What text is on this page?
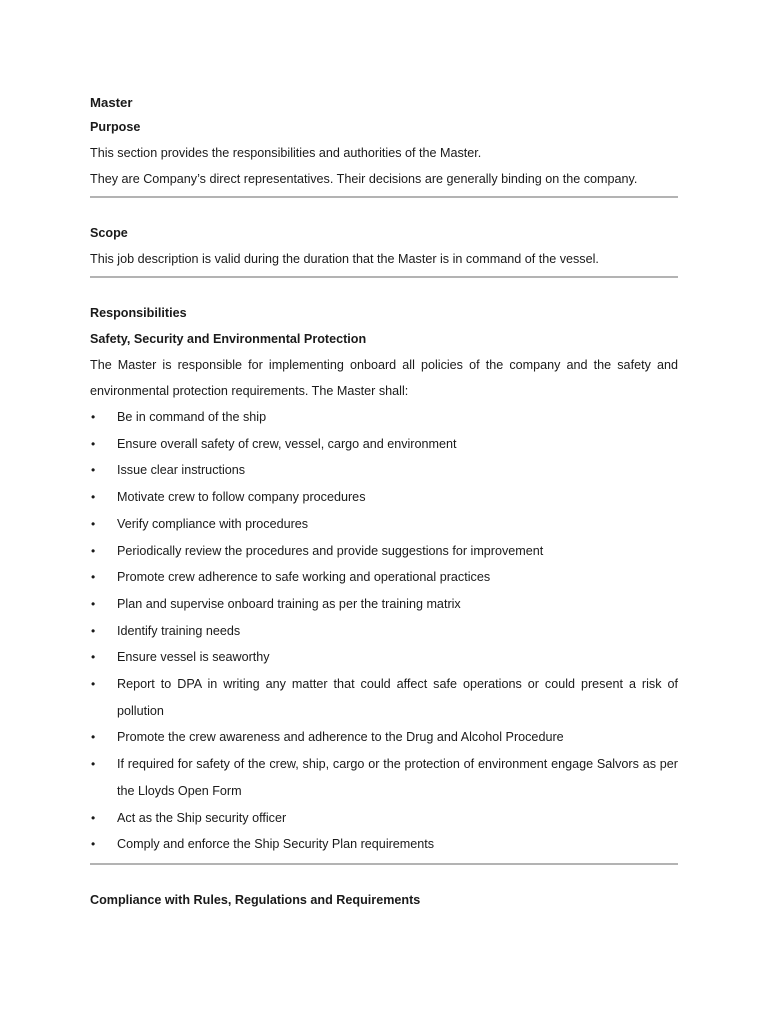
Master

Purpose

This section provides the responsibilities and authorities of the Master.

They are Company’s direct representatives. Their decisions are generally binding on the company.

Scope

This job description is valid during the duration that the Master is in command of the vessel.

Responsibilities

Safety, Security and Environmental Protection

The Master is responsible for implementing onboard all policies of the company and the safety and environmental protection requirements. The Master shall:

• Be in command of the ship
• Ensure overall safety of crew, vessel, cargo and environment
• Issue clear instructions
• Motivate crew to follow company procedures
• Verify compliance with procedures
• Periodically review the procedures and provide suggestions for improvement
• Promote crew adherence to safe working and operational practices
• Plan and supervise onboard training as per the training matrix
• Identify training needs
• Ensure vessel is seaworthy
• Report to DPA in writing any matter that could affect safe operations or could present a risk of pollution
• Promote the crew awareness and adherence to the Drug and Alcohol Procedure
• If required for safety of the crew, ship, cargo or the protection of environment engage Salvors as per the Lloyds Open Form
• Act as the Ship security officer
• Comply and enforce the Ship Security Plan requirements

Compliance with Rules, Regulations and Requirements
